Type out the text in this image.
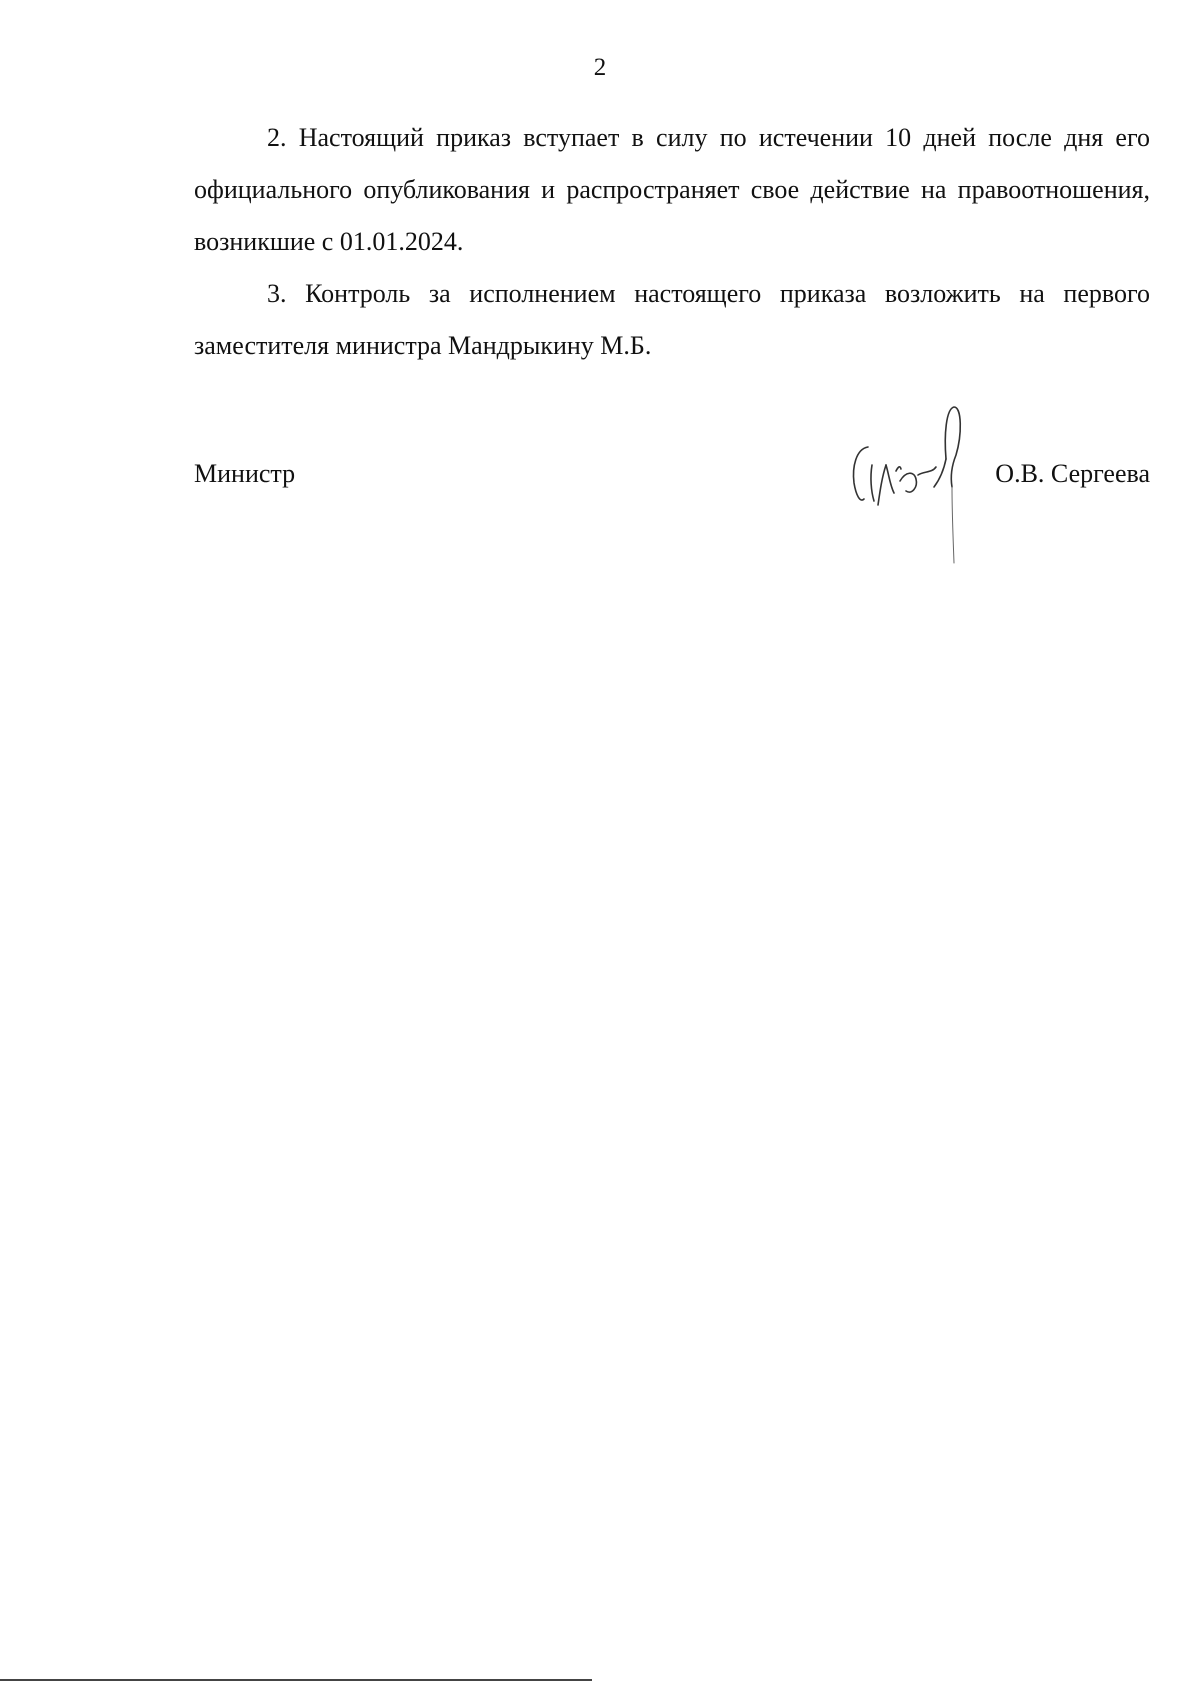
2

2. Настоящий приказ вступает в силу по истечении 10 дней после дня его официального опубликования и распространяет свое действие на правоотношения, возникшие с 01.01.2024.

3. Контроль за исполнением настоящего приказа возложить на первого заместителя министра Мандрыкину М.Б.

Министр	О.В. Сергеева
